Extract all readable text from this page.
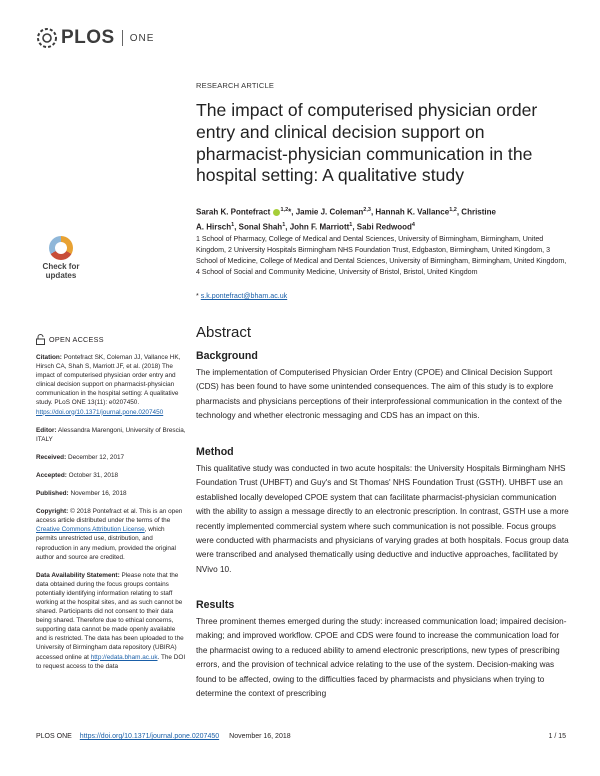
PLOS ONE
RESEARCH ARTICLE
The impact of computerised physician order entry and clinical decision support on pharmacist-physician communication in the hospital setting: A qualitative study
Sarah K. Pontefract $^{1,2}$*, Jamie J. Coleman$^{2,3}$, Hannah K. Vallance$^{1,2}$, Christine
A. Hirsch$^1$, Sonal Shah$^1$, John F. Marriott$^1$, Sabi Redwood$^4$
1 School of Pharmacy, College of Medical and Dental Sciences, University of Birmingham, Birmingham, United Kingdom, 2 University Hospitals Birmingham NHS Foundation Trust, Edgbaston, Birmingham, United Kingdom, 3 School of Medicine, College of Medical and Dental Sciences, University of Birmingham, Birmingham, United Kingdom, 4 School of Social and Community Medicine, University of Bristol, Bristol, United Kingdom
* s.k.pontefract@bham.ac.uk
Check for
updates
OPEN ACCESS

Citation: Pontefract SK, Coleman JJ, Vallance HK, Hirsch CA, Shah S, Marriott JF, et al. (2018) The impact of computerised physician order entry and clinical decision support on pharmacist-physician communication in the hospital setting: A qualitative study. PLoS ONE 13(11): e0207450. https://doi.org/10.1371/journal.pone.0207450

Editor: Alessandra Marengoni, University of Brescia, ITALY

Received: December 12, 2017

Accepted: October 31, 2018

Published: November 16, 2018

Copyright: © 2018 Pontefract et al. This is an open access article distributed under the terms of the Creative Commons Attribution License, which permits unrestricted use, distribution, and reproduction in any medium, provided the original author and source are credited.

Data Availability Statement: Please note that the data obtained during the focus groups contains potentially identifying information relating to staff working at the hospital sites, and as such cannot be shared. Participants did not consent to their data being shared. Therefore due to ethical concerns, supporting data cannot be made openly available and is restricted. The data has been uploaded to the University of Birmingham data repository (UBIRA) accessed online at http://edata.bham.ac.uk. The DOI to request access to the data

Abstract
Background
The implementation of Computerised Physician Order Entry (CPOE) and Clinical Decision Support (CDS) has been found to have some unintended consequences. The aim of this study is to explore pharmacists and physicians perceptions of their interprofessional communication in the context of the technology and whether electronic messaging and CDS has an impact on this.
Method
This qualitative study was conducted in two acute hospitals: the University Hospitals Birmingham NHS Foundation Trust (UHBFT) and Guy's and St Thomas' NHS Foundation Trust (GSTH). UHBFT use an established locally developed CPOE system that can facilitate pharmacist-physician communication with the ability to assign a message directly to an electronic prescription. In contrast, GSTH use a more recently implemented commercial system where such communication is not possible. Focus groups were conducted with pharmacists and physicians of varying grades at both hospitals. Focus group data were transcribed and analysed thematically using deductive and inductive approaches, facilitated by NVivo 10.
Results
Three prominent themes emerged during the study: increased communication load; impaired decision-making; and improved workflow. CPOE and CDS were found to increase the communication load for the pharmacist owing to a reduced ability to amend electronic prescriptions, new types of prescribing errors, and the provision of technical advice relating to the use of the system. Decision-making was found to be affected, owing to the difficulties faced by pharmacists and physicians when trying to determine the context of prescribing
PLOS ONE https://doi.org/10.1371/journal.pone.0207450 November 16, 2018	1 / 15
